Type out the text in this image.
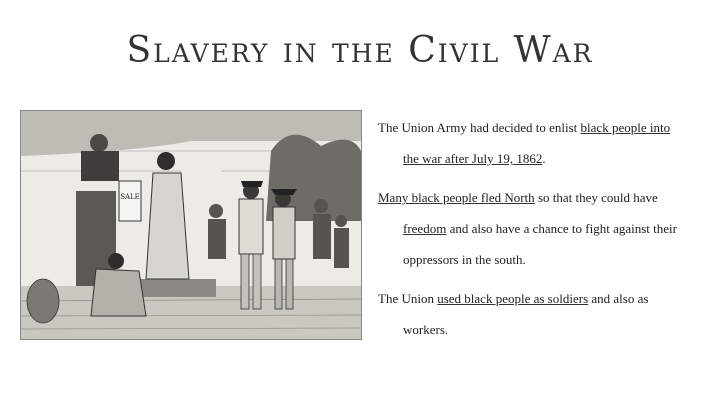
Slavery in the Civil War
SALE
The Union Army had decided to enlist black people into
the war after July 19, 1862.
Many black people fled North so that they could have
freedom and also have a chance to fight against their
oppressors in the south.
The Union used black people as soldiers and also as
workers.
